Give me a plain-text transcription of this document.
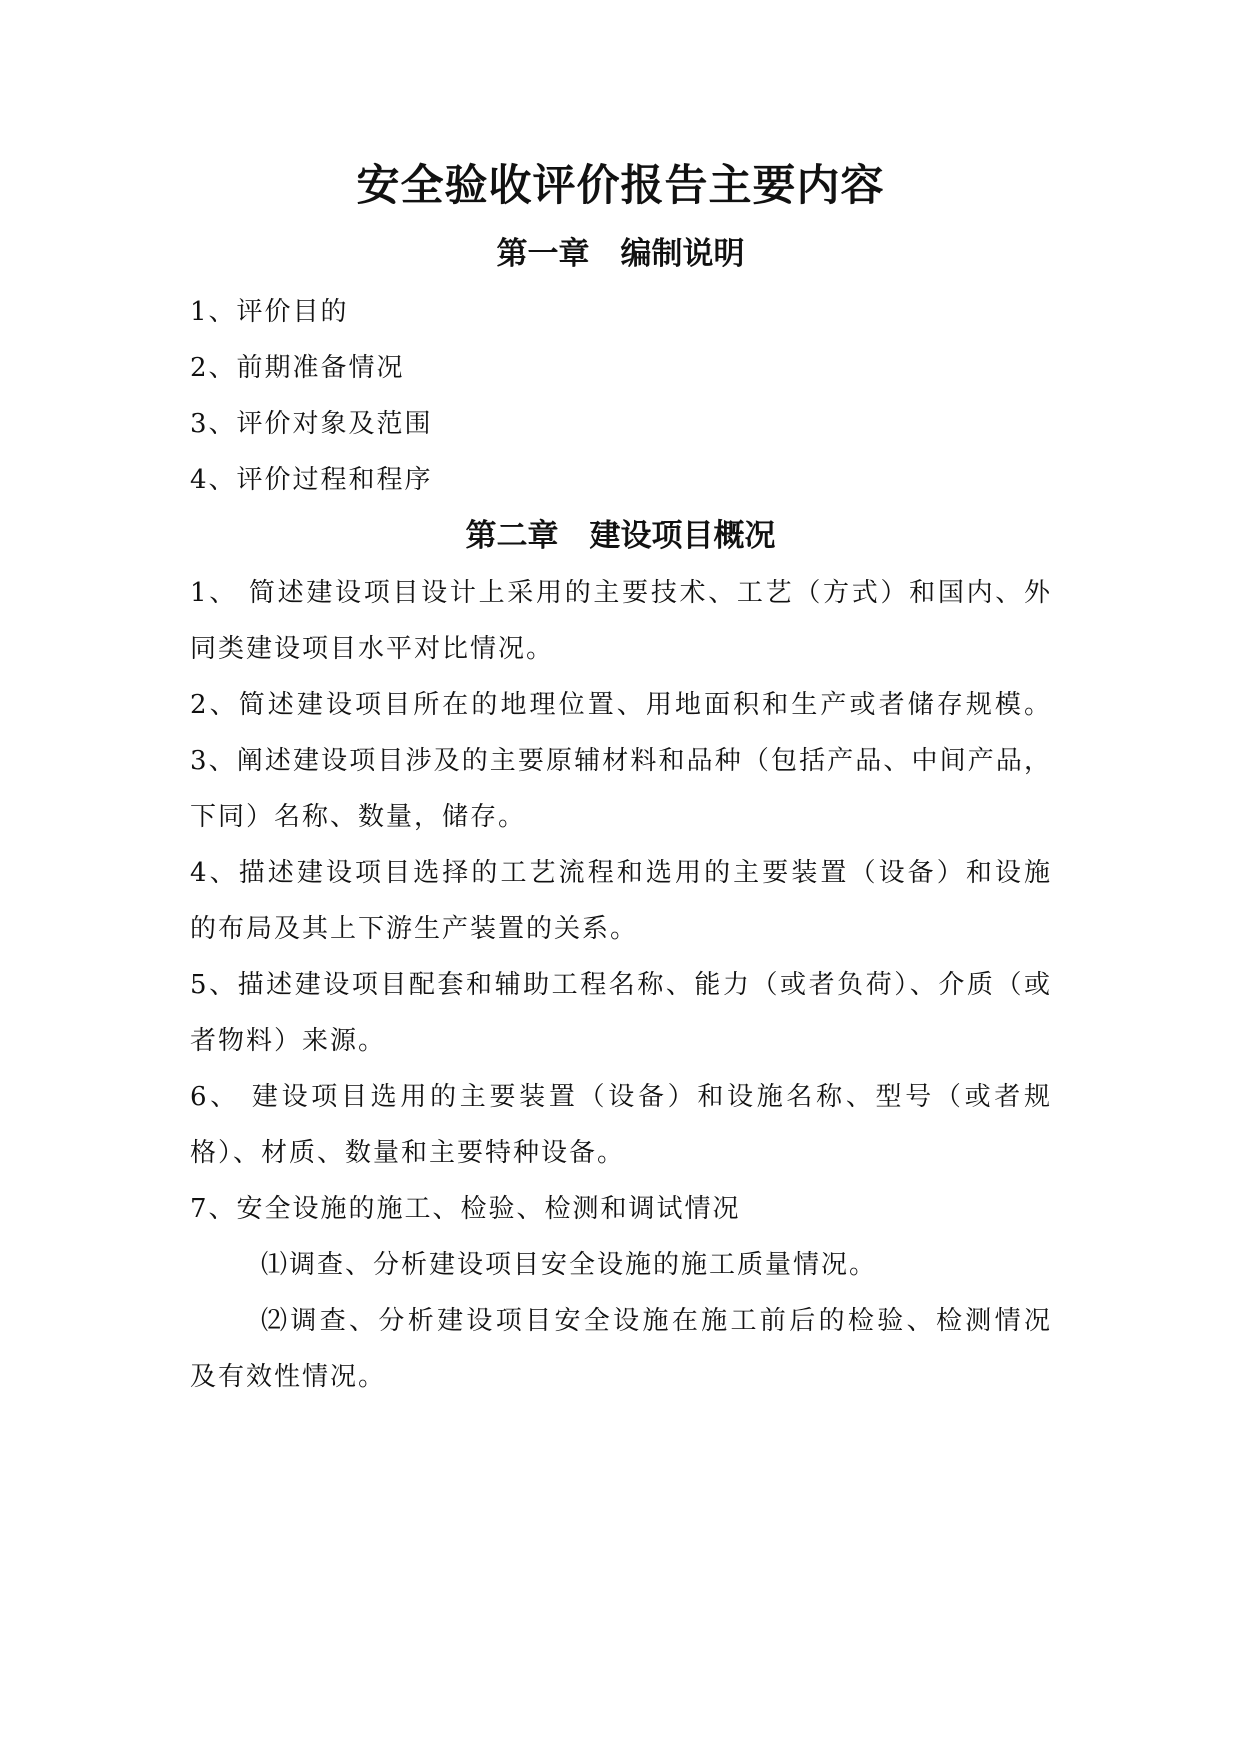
安全验收评价报告主要内容
第一章　编制说明

1、评价目的

2、前期准备情况

3、评价对象及范围

4、评价过程和程序

第二章　建设项目概况

1、 简述建设项目设计上采用的主要技术、工艺（方式）和国内、外

同类建设项目水平对比情况。

2、简述建设项目所在的地理位置、用地面积和生产或者储存规模。

3、阐述建设项目涉及的主要原辅材料和品种（包括产品、中间产品，

下同）名称、数量，储存。

4、描述建设项目选择的工艺流程和选用的主要装置（设备）和设施

的布局及其上下游生产装置的关系。

5、描述建设项目配套和辅助工程名称、能力（或者负荷）、介质（或

者物料）来源。

6、 建设项目选用的主要装置（设备）和设施名称、型号（或者规

格）、材质、数量和主要特种设备。

7、安全设施的施工、检验、检测和调试情况

⑴调查、分析建设项目安全设施的施工质量情况。

⑵调查、分析建设项目安全设施在施工前后的检验、检测情况

及有效性情况。
